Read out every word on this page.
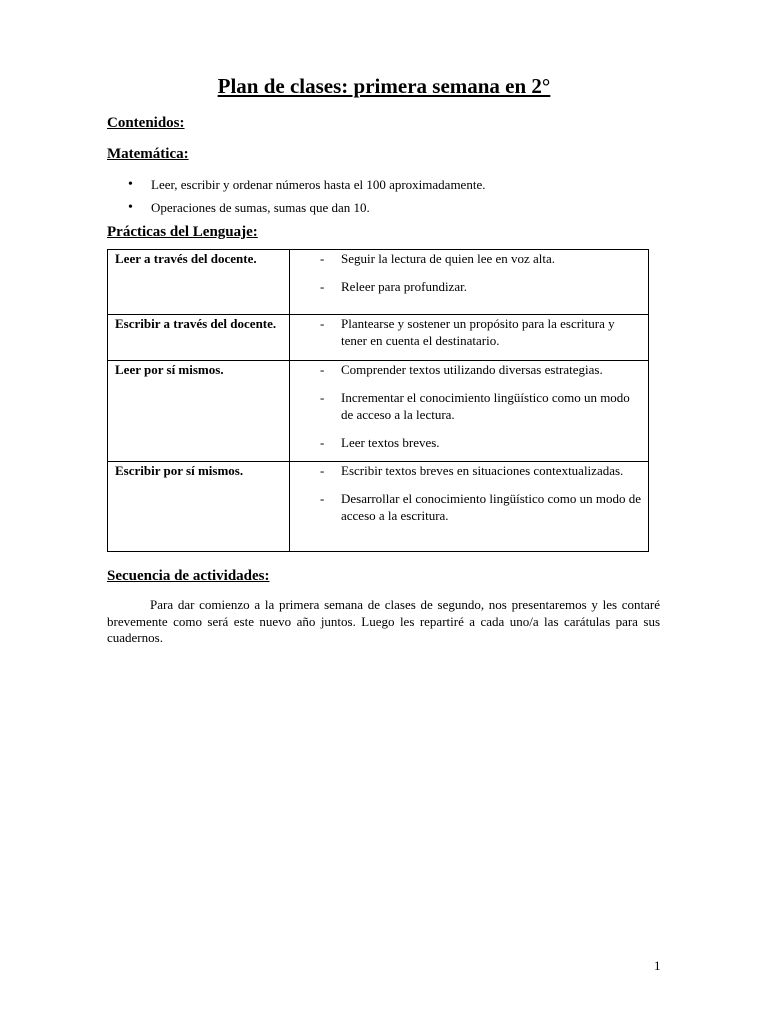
Plan de clases: primera semana en 2°
Contenidos:
Matemática:
• Leer, escribir y ordenar números hasta el 100 aproximadamente.
• Operaciones de sumas, sumas que dan 10.
Prácticas del Lenguaje:
Leer a través del docente.	- Seguir la lectura de quien lee en voz alta.
- Releer para profundizar.

Escribir a través del docente.	- Plantearse y sostener un propósito para la escritura y tener en cuenta el destinatario.

Leer por sí mismos.	- Comprender textos utilizando diversas estrategias.
- Incrementar el conocimiento lingüístico como un modo de acceso a la lectura.
- Leer textos breves.

Escribir por sí mismos.	- Escribir textos breves en situaciones contextualizadas.
- Desarrollar el conocimiento lingüístico como un modo de acceso a la escritura.
Secuencia de actividades:
Para dar comienzo a la primera semana de clases de segundo, nos presentaremos y les contaré brevemente como será este nuevo año juntos. Luego les repartiré a cada uno/a las carátulas para sus cuadernos.
1
